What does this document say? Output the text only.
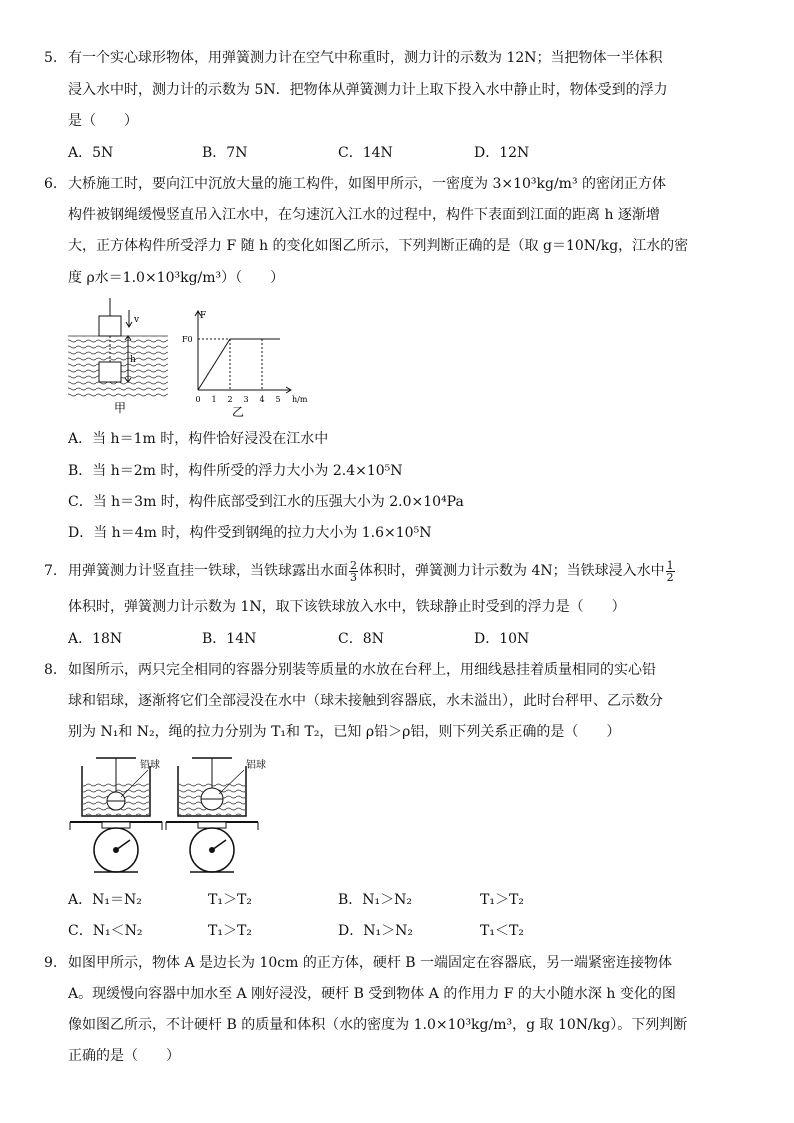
5. 有一个实心球形物体，用弹簧测力计在空气中称重时，测力计的示数为 12N；当把物体一半体积
浸入水中时，测力计的示数为 5N．把物体从弹簧测力计上取下投入水中静止时，物体受到的浮力
是（　　）
A．5N	B．7N	C．14N	D．12N
6. 大桥施工时，要向江中沉放大量的施工构件，如图甲所示，一密度为 3×10³kg/m³ 的密闭正方体
构件被钢绳缓慢竖直吊入江水中，在匀速沉入江水的过程中，构件下表面到江面的距离 h 逐渐增
大，正方体构件所受浮力 F 随 h 的变化如图乙所示，下列判断正确的是（取 g＝10N/kg，江水的密
度 ρ水＝1.0×10³kg/m³）（　　）
v
h
甲
F
F0
0 1 2 3 4 5 h/m
乙
A．当 h＝1m 时，构件恰好浸没在江水中
B．当 h＝2m 时，构件所受的浮力大小为 2.4×10⁵N
C．当 h＝3m 时，构件底部受到江水的压强大小为 2.0×10⁴Pa
D．当 h＝4m 时，构件受到钢绳的拉力大小为 1.6×10⁵N
7. 用弹簧测力计竖直挂一铁球，当铁球露出水面 $\frac{2}{3}$ 体积时，弹簧测力计示数为 4N；当铁球浸入水中 $\frac{1}{2}$
体积时，弹簧测力计示数为 1N，取下该铁球放入水中，铁球静止时受到的浮力是（　　）
A．18N	B．14N	C．8N	D．10N
8. 如图所示，两只完全相同的容器分别装等质量的水放在台秤上，用细线悬挂着质量相同的实心铅
球和铝球，逐渐将它们全部浸没在水中（球未接触到容器底，水未溢出），此时台秤甲、乙示数分
别为 N₁和 N₂，绳的拉力分别为 T₁和 T₂，已知 ρ铅＞ρ铝，则下列关系正确的是（　　）
铅球	铝球
A．N₁＝N₂	T₁＞T₂	B．N₁＞N₂	T₁＞T₂
C．N₁＜N₂	T₁＞T₂	D．N₁＞N₂	T₁＜T₂
9. 如图甲所示，物体 A 是边长为 10cm 的正方体，硬杆 B 一端固定在容器底，另一端紧密连接物体
A。现缓慢向容器中加水至 A 刚好浸没，硬杆 B 受到物体 A 的作用力 F 的大小随水深 h 变化的图
像如图乙所示，不计硬杆 B 的质量和体积（水的密度为 1.0×10³kg/m³，g 取 10N/kg）。下列判断
正确的是（　　）
